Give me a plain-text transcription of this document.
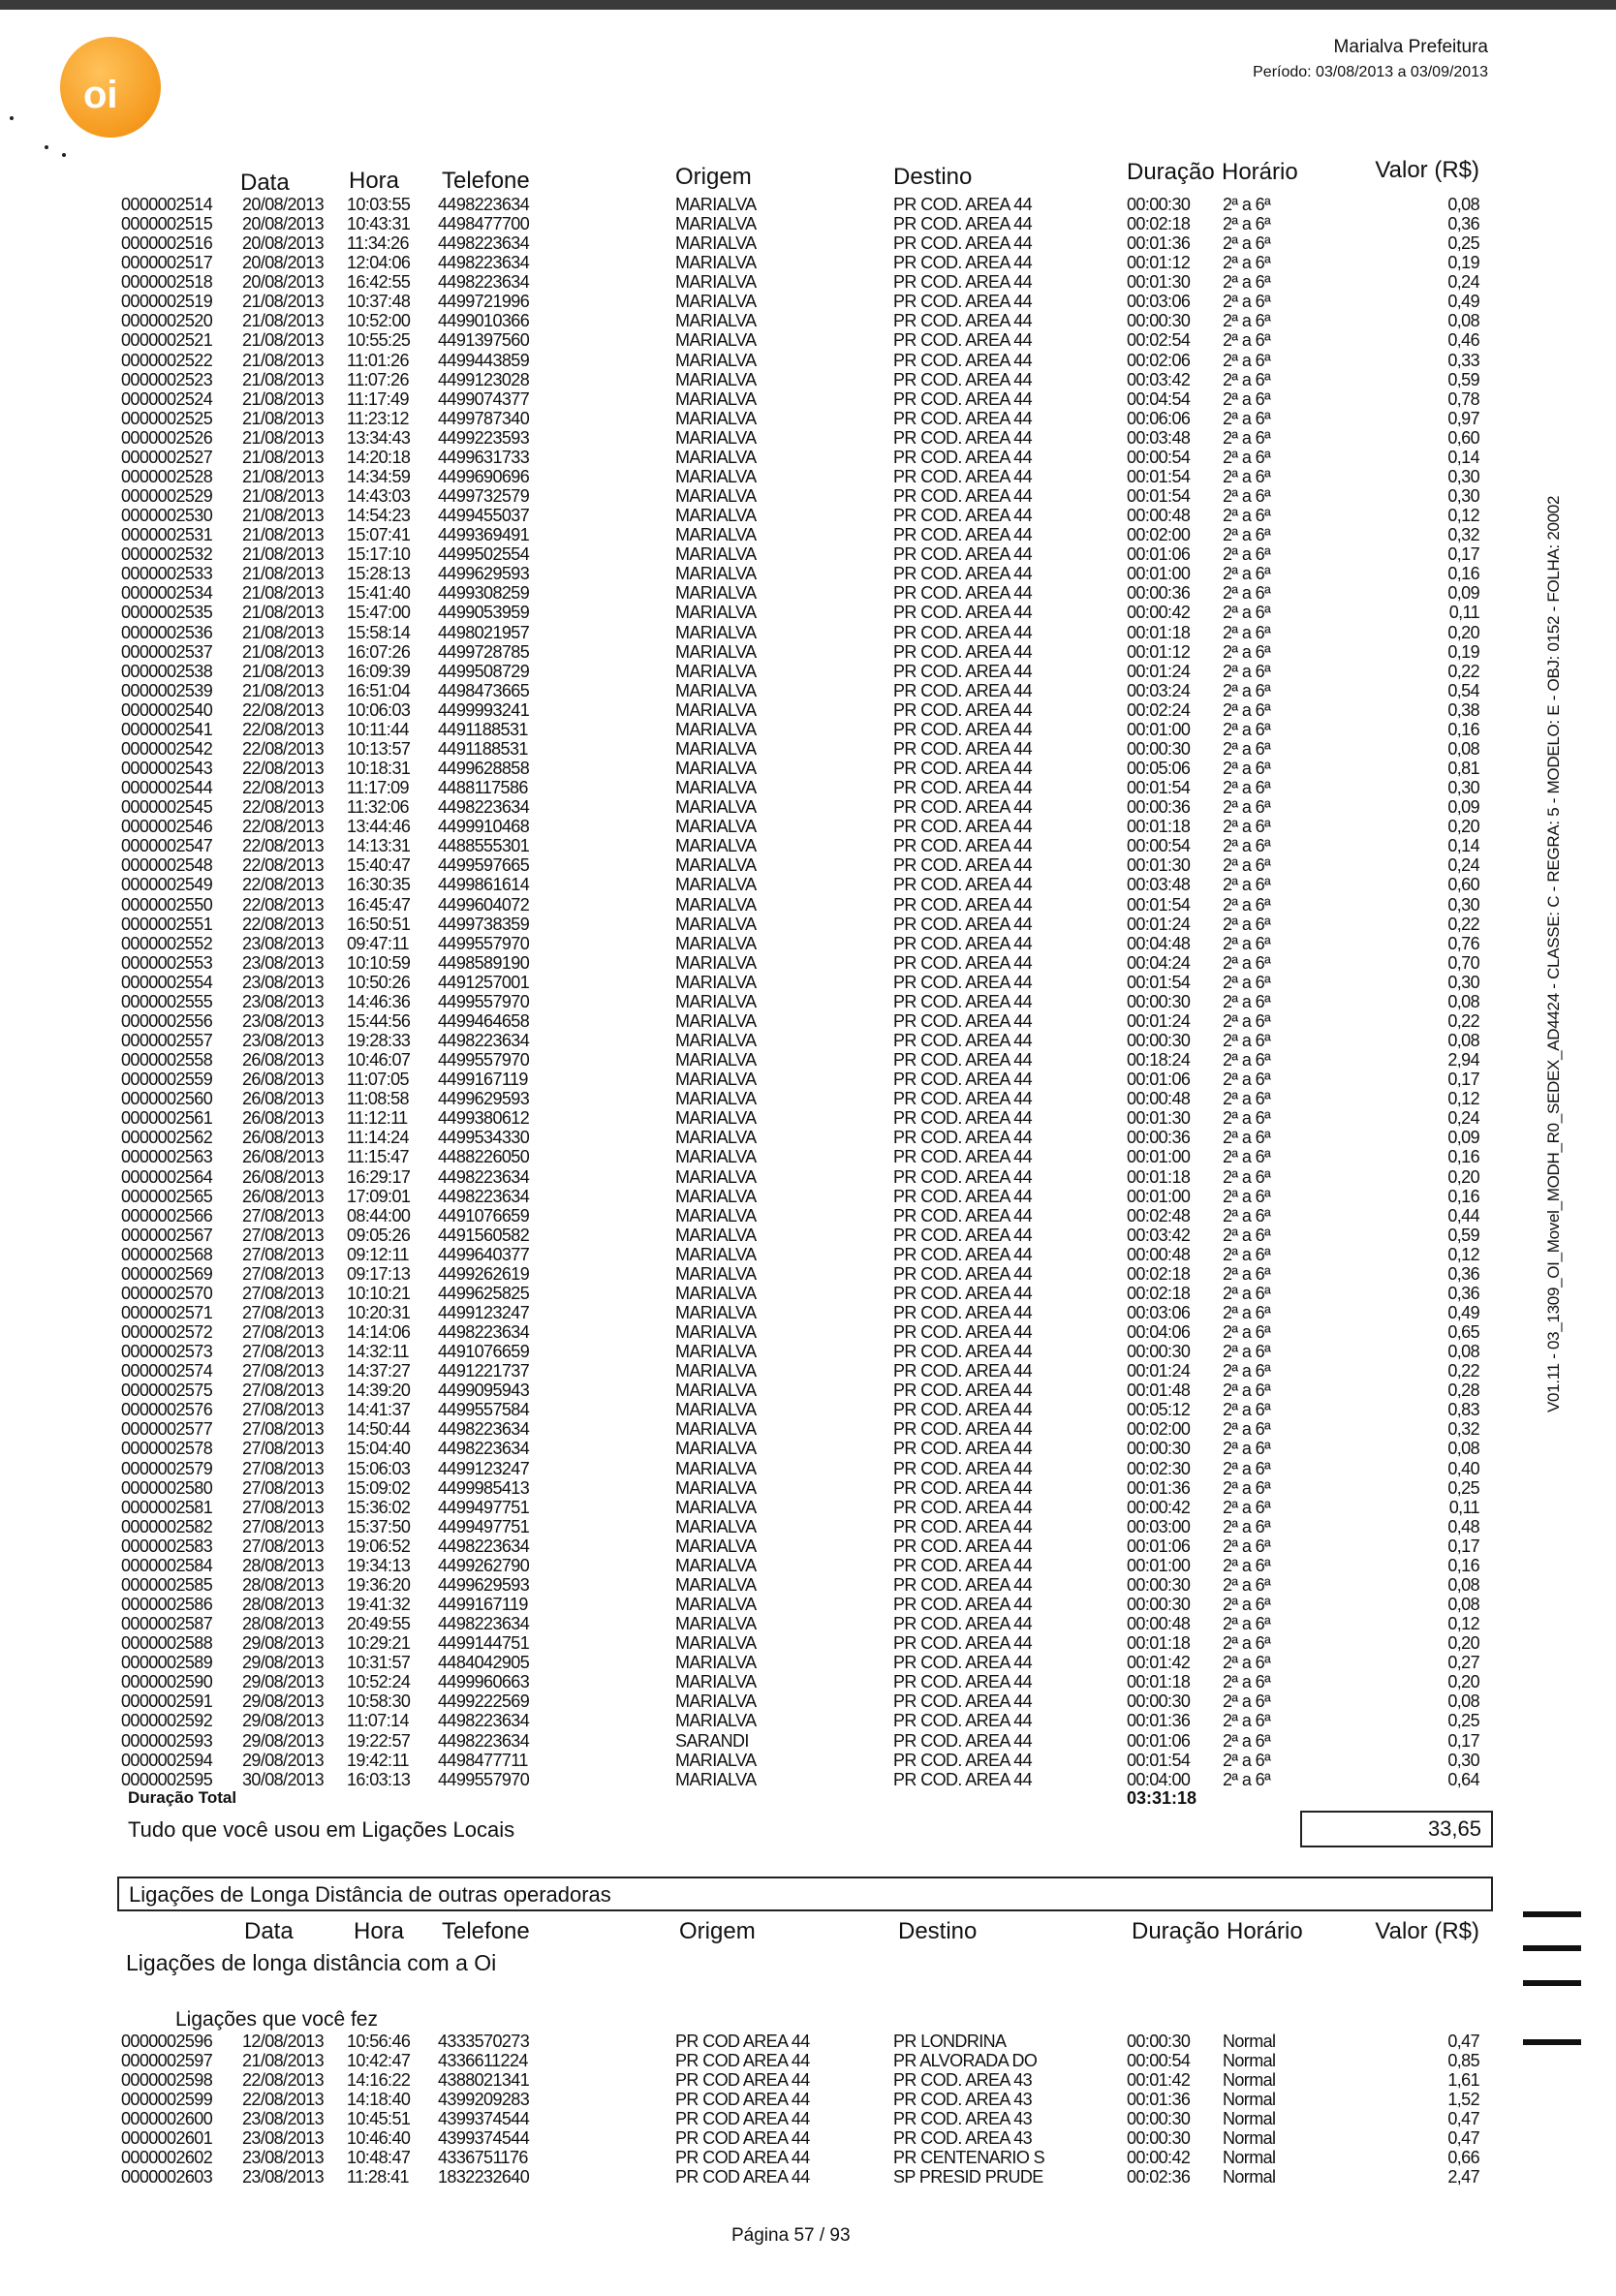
oi
Marialva Prefeitura
Período: 03/08/2013 a 03/09/2013
Data	Hora Telefone	Origem	Destino	Duração Horário	Valor (R$)
0000002514 20/08/2013 10:03:55 4498223634	MARIALVA	PR COD. AREA 44	00:00:30 2ª a 6ª	0,08
0000002515 20/08/2013 10:43:31 4498477700	MARIALVA	PR COD. AREA 44	00:02:18 2ª a 6ª	0,36
0000002516 20/08/2013 11:34:26 4498223634	MARIALVA	PR COD. AREA 44	00:01:36 2ª a 6ª	0,25
0000002517 20/08/2013 12:04:06 4498223634	MARIALVA	PR COD. AREA 44	00:01:12 2ª a 6ª	0,19
0000002518 20/08/2013 16:42:55 4498223634	MARIALVA	PR COD. AREA 44	00:01:30 2ª a 6ª	0,24
0000002519 21/08/2013 10:37:48 4499721996	MARIALVA	PR COD. AREA 44	00:03:06 2ª a 6ª	0,49
0000002520 21/08/2013 10:52:00 4499010366	MARIALVA	PR COD. AREA 44	00:00:30 2ª a 6ª	0,08
0000002521 21/08/2013 10:55:25 4491397560	MARIALVA	PR COD. AREA 44	00:02:54 2ª a 6ª	0,46
0000002522 21/08/2013 11:01:26 4499443859	MARIALVA	PR COD. AREA 44	00:02:06 2ª a 6ª	0,33
0000002523 21/08/2013 11:07:26 4499123028	MARIALVA	PR COD. AREA 44	00:03:42 2ª a 6ª	0,59
0000002524 21/08/2013 11:17:49 4499074377	MARIALVA	PR COD. AREA 44	00:04:54 2ª a 6ª	0,78
0000002525 21/08/2013 11:23:12 4499787340	MARIALVA	PR COD. AREA 44	00:06:06 2ª a 6ª	0,97
0000002526 21/08/2013 13:34:43 4499223593	MARIALVA	PR COD. AREA 44	00:03:48 2ª a 6ª	0,60
0000002527 21/08/2013 14:20:18 4499631733	MARIALVA	PR COD. AREA 44	00:00:54 2ª a 6ª	0,14
0000002528 21/08/2013 14:34:59 4499690696	MARIALVA	PR COD. AREA 44	00:01:54 2ª a 6ª	0,30
0000002529 21/08/2013 14:43:03 4499732579	MARIALVA	PR COD. AREA 44	00:01:54 2ª a 6ª	0,30
0000002530 21/08/2013 14:54:23 4499455037	MARIALVA	PR COD. AREA 44	00:00:48 2ª a 6ª	0,12
0000002531 21/08/2013 15:07:41 4499369491	MARIALVA	PR COD. AREA 44	00:02:00 2ª a 6ª	0,32
0000002532 21/08/2013 15:17:10 4499502554	MARIALVA	PR COD. AREA 44	00:01:06 2ª a 6ª	0,17
0000002533 21/08/2013 15:28:13 4499629593	MARIALVA	PR COD. AREA 44	00:01:00 2ª a 6ª	0,16
0000002534 21/08/2013 15:41:40 4499308259	MARIALVA	PR COD. AREA 44	00:00:36 2ª a 6ª	0,09
0000002535 21/08/2013 15:47:00 4499053959	MARIALVA	PR COD. AREA 44	00:00:42 2ª a 6ª	0,11
0000002536 21/08/2013 15:58:14 4498021957	MARIALVA	PR COD. AREA 44	00:01:18 2ª a 6ª	0,20
0000002537 21/08/2013 16:07:26 4499728785	MARIALVA	PR COD. AREA 44	00:01:12 2ª a 6ª	0,19
0000002538 21/08/2013 16:09:39 4499508729	MARIALVA	PR COD. AREA 44	00:01:24 2ª a 6ª	0,22
0000002539 21/08/2013 16:51:04 4498473665	MARIALVA	PR COD. AREA 44	00:03:24 2ª a 6ª	0,54
0000002540 22/08/2013 10:06:03 4499993241	MARIALVA	PR COD. AREA 44	00:02:24 2ª a 6ª	0,38
0000002541 22/08/2013 10:11:44 4491188531	MARIALVA	PR COD. AREA 44	00:01:00 2ª a 6ª	0,16
0000002542 22/08/2013 10:13:57 4491188531	MARIALVA	PR COD. AREA 44	00:00:30 2ª a 6ª	0,08
0000002543 22/08/2013 10:18:31 4499628858	MARIALVA	PR COD. AREA 44	00:05:06 2ª a 6ª	0,81
0000002544 22/08/2013 11:17:09 4488117586	MARIALVA	PR COD. AREA 44	00:01:54 2ª a 6ª	0,30
0000002545 22/08/2013 11:32:06 4498223634	MARIALVA	PR COD. AREA 44	00:00:36 2ª a 6ª	0,09
0000002546 22/08/2013 13:44:46 4499910468	MARIALVA	PR COD. AREA 44	00:01:18 2ª a 6ª	0,20
0000002547 22/08/2013 14:13:31 4488555301	MARIALVA	PR COD. AREA 44	00:00:54 2ª a 6ª	0,14
0000002548 22/08/2013 15:40:47 4499597665	MARIALVA	PR COD. AREA 44	00:01:30 2ª a 6ª	0,24
0000002549 22/08/2013 16:30:35 4499861614	MARIALVA	PR COD. AREA 44	00:03:48 2ª a 6ª	0,60
0000002550 22/08/2013 16:45:47 4499604072	MARIALVA	PR COD. AREA 44	00:01:54 2ª a 6ª	0,30
0000002551 22/08/2013 16:50:51 4499738359	MARIALVA	PR COD. AREA 44	00:01:24 2ª a 6ª	0,22
0000002552 23/08/2013 09:47:11 4499557970	MARIALVA	PR COD. AREA 44	00:04:48 2ª a 6ª	0,76
0000002553 23/08/2013 10:10:59 4498589190	MARIALVA	PR COD. AREA 44	00:04:24 2ª a 6ª	0,70
0000002554 23/08/2013 10:50:26 4491257001	MARIALVA	PR COD. AREA 44	00:01:54 2ª a 6ª	0,30
0000002555 23/08/2013 14:46:36 4499557970	MARIALVA	PR COD. AREA 44	00:00:30 2ª a 6ª	0,08
0000002556 23/08/2013 15:44:56 4499464658	MARIALVA	PR COD. AREA 44	00:01:24 2ª a 6ª	0,22
0000002557 23/08/2013 19:28:33 4498223634	MARIALVA	PR COD. AREA 44	00:00:30 2ª a 6ª	0,08
0000002558 26/08/2013 10:46:07 4499557970	MARIALVA	PR COD. AREA 44	00:18:24 2ª a 6ª	2,94
0000002559 26/08/2013 11:07:05 4499167119	MARIALVA	PR COD. AREA 44	00:01:06 2ª a 6ª	0,17
0000002560 26/08/2013 11:08:58 4499629593	MARIALVA	PR COD. AREA 44	00:00:48 2ª a 6ª	0,12
0000002561 26/08/2013 11:12:11 4499380612	MARIALVA	PR COD. AREA 44	00:01:30 2ª a 6ª	0,24
0000002562 26/08/2013 11:14:24 4499534330	MARIALVA	PR COD. AREA 44	00:00:36 2ª a 6ª	0,09
0000002563 26/08/2013 11:15:47 4488226050	MARIALVA	PR COD. AREA 44	00:01:00 2ª a 6ª	0,16
0000002564 26/08/2013 16:29:17 4498223634	MARIALVA	PR COD. AREA 44	00:01:18 2ª a 6ª	0,20
0000002565 26/08/2013 17:09:01 4498223634	MARIALVA	PR COD. AREA 44	00:01:00 2ª a 6ª	0,16
0000002566 27/08/2013 08:44:00 4491076659	MARIALVA	PR COD. AREA 44	00:02:48 2ª a 6ª	0,44
0000002567 27/08/2013 09:05:26 4491560582	MARIALVA	PR COD. AREA 44	00:03:42 2ª a 6ª	0,59
0000002568 27/08/2013 09:12:11 4499640377	MARIALVA	PR COD. AREA 44	00:00:48 2ª a 6ª	0,12
0000002569 27/08/2013 09:17:13 4499262619	MARIALVA	PR COD. AREA 44	00:02:18 2ª a 6ª	0,36
0000002570 27/08/2013 10:10:21 4499625825	MARIALVA	PR COD. AREA 44	00:02:18 2ª a 6ª	0,36
0000002571 27/08/2013 10:20:31 4499123247	MARIALVA	PR COD. AREA 44	00:03:06 2ª a 6ª	0,49
0000002572 27/08/2013 14:14:06 4498223634	MARIALVA	PR COD. AREA 44	00:04:06 2ª a 6ª	0,65
0000002573 27/08/2013 14:32:11 4491076659	MARIALVA	PR COD. AREA 44	00:00:30 2ª a 6ª	0,08
0000002574 27/08/2013 14:37:27 4491221737	MARIALVA	PR COD. AREA 44	00:01:24 2ª a 6ª	0,22
0000002575 27/08/2013 14:39:20 4499095943	MARIALVA	PR COD. AREA 44	00:01:48 2ª a 6ª	0,28
0000002576 27/08/2013 14:41:37 4499557584	MARIALVA	PR COD. AREA 44	00:05:12 2ª a 6ª	0,83
0000002577 27/08/2013 14:50:44 4498223634	MARIALVA	PR COD. AREA 44	00:02:00 2ª a 6ª	0,32
0000002578 27/08/2013 15:04:40 4498223634	MARIALVA	PR COD. AREA 44	00:00:30 2ª a 6ª	0,08
0000002579 27/08/2013 15:06:03 4499123247	MARIALVA	PR COD. AREA 44	00:02:30 2ª a 6ª	0,40
0000002580 27/08/2013 15:09:02 4499985413	MARIALVA	PR COD. AREA 44	00:01:36 2ª a 6ª	0,25
0000002581 27/08/2013 15:36:02 4499497751	MARIALVA	PR COD. AREA 44	00:00:42 2ª a 6ª	0,11
0000002582 27/08/2013 15:37:50 4499497751	MARIALVA	PR COD. AREA 44	00:03:00 2ª a 6ª	0,48
0000002583 27/08/2013 19:06:52 4498223634	MARIALVA	PR COD. AREA 44	00:01:06 2ª a 6ª	0,17
0000002584 28/08/2013 19:34:13 4499262790	MARIALVA	PR COD. AREA 44	00:01:00 2ª a 6ª	0,16
0000002585 28/08/2013 19:36:20 4499629593	MARIALVA	PR COD. AREA 44	00:00:30 2ª a 6ª	0,08
0000002586 28/08/2013 19:41:32 4499167119	MARIALVA	PR COD. AREA 44	00:00:30 2ª a 6ª	0,08
0000002587 28/08/2013 20:49:55 4498223634	MARIALVA	PR COD. AREA 44	00:00:48 2ª a 6ª	0,12
0000002588 29/08/2013 10:29:21 4499144751	MARIALVA	PR COD. AREA 44	00:01:18 2ª a 6ª	0,20
0000002589 29/08/2013 10:31:57 4484042905	MARIALVA	PR COD. AREA 44	00:01:42 2ª a 6ª	0,27
0000002590 29/08/2013 10:52:24 4499960663	MARIALVA	PR COD. AREA 44	00:01:18 2ª a 6ª	0,20
0000002591 29/08/2013 10:58:30 4499222569	MARIALVA	PR COD. AREA 44	00:00:30 2ª a 6ª	0,08
0000002592 29/08/2013 11:07:14 4498223634	MARIALVA	PR COD. AREA 44	00:01:36 2ª a 6ª	0,25
0000002593 29/08/2013 19:22:57 4498223634	SARANDI	PR COD. AREA 44	00:01:06 2ª a 6ª	0,17
0000002594 29/08/2013 19:42:11 4498477711	MARIALVA	PR COD. AREA 44	00:01:54 2ª a 6ª	0,30
0000002595 30/08/2013 16:03:13 4499557970	MARIALVA	PR COD. AREA 44	00:04:00 2ª a 6ª	0,64
Duração Total	03:31:18
Tudo que você usou em Ligações Locais	33,65
Ligações de Longa Distância de outras operadoras
Data	Hora Telefone	Origem	Destino	Duração Horário	Valor (R$)
Ligações de longa distância com a Oi
Ligações que você fez
0000002596 12/08/2013 10:56:46 4333570273	PR COD AREA 44	PR LONDRINA	00:00:30 Normal	0,47
0000002597 21/08/2013 10:42:47 4336611224	PR COD AREA 44	PR ALVORADA DO	00:00:54 Normal	0,85
0000002598 22/08/2013 14:16:22 4388021341	PR COD AREA 44	PR COD. AREA 43	00:01:42 Normal	1,61
0000002599 22/08/2013 14:18:40 4399209283	PR COD AREA 44	PR COD. AREA 43	00:01:36 Normal	1,52
0000002600 23/08/2013 10:45:51 4399374544	PR COD AREA 44	PR COD. AREA 43	00:00:30 Normal	0,47
0000002601 23/08/2013 10:46:40 4399374544	PR COD AREA 44	PR COD. AREA 43	00:00:30 Normal	0,47
0000002602 23/08/2013 10:48:47 4336751176	PR COD AREA 44	PR CENTENARIO S	00:00:42 Normal	0,66
0000002603 23/08/2013 11:28:41 1832232640	PR COD AREA 44	SP PRESID PRUDE	00:02:36 Normal	2,47
Página 57 / 93
V01.11 - 03_1309_OI_Movel_MODH_R0_SEDEX_AD4424 - CLASSE: C - REGRA: 5 - MODELO: E - OBJ: 0152 - FOLHA: 20002
